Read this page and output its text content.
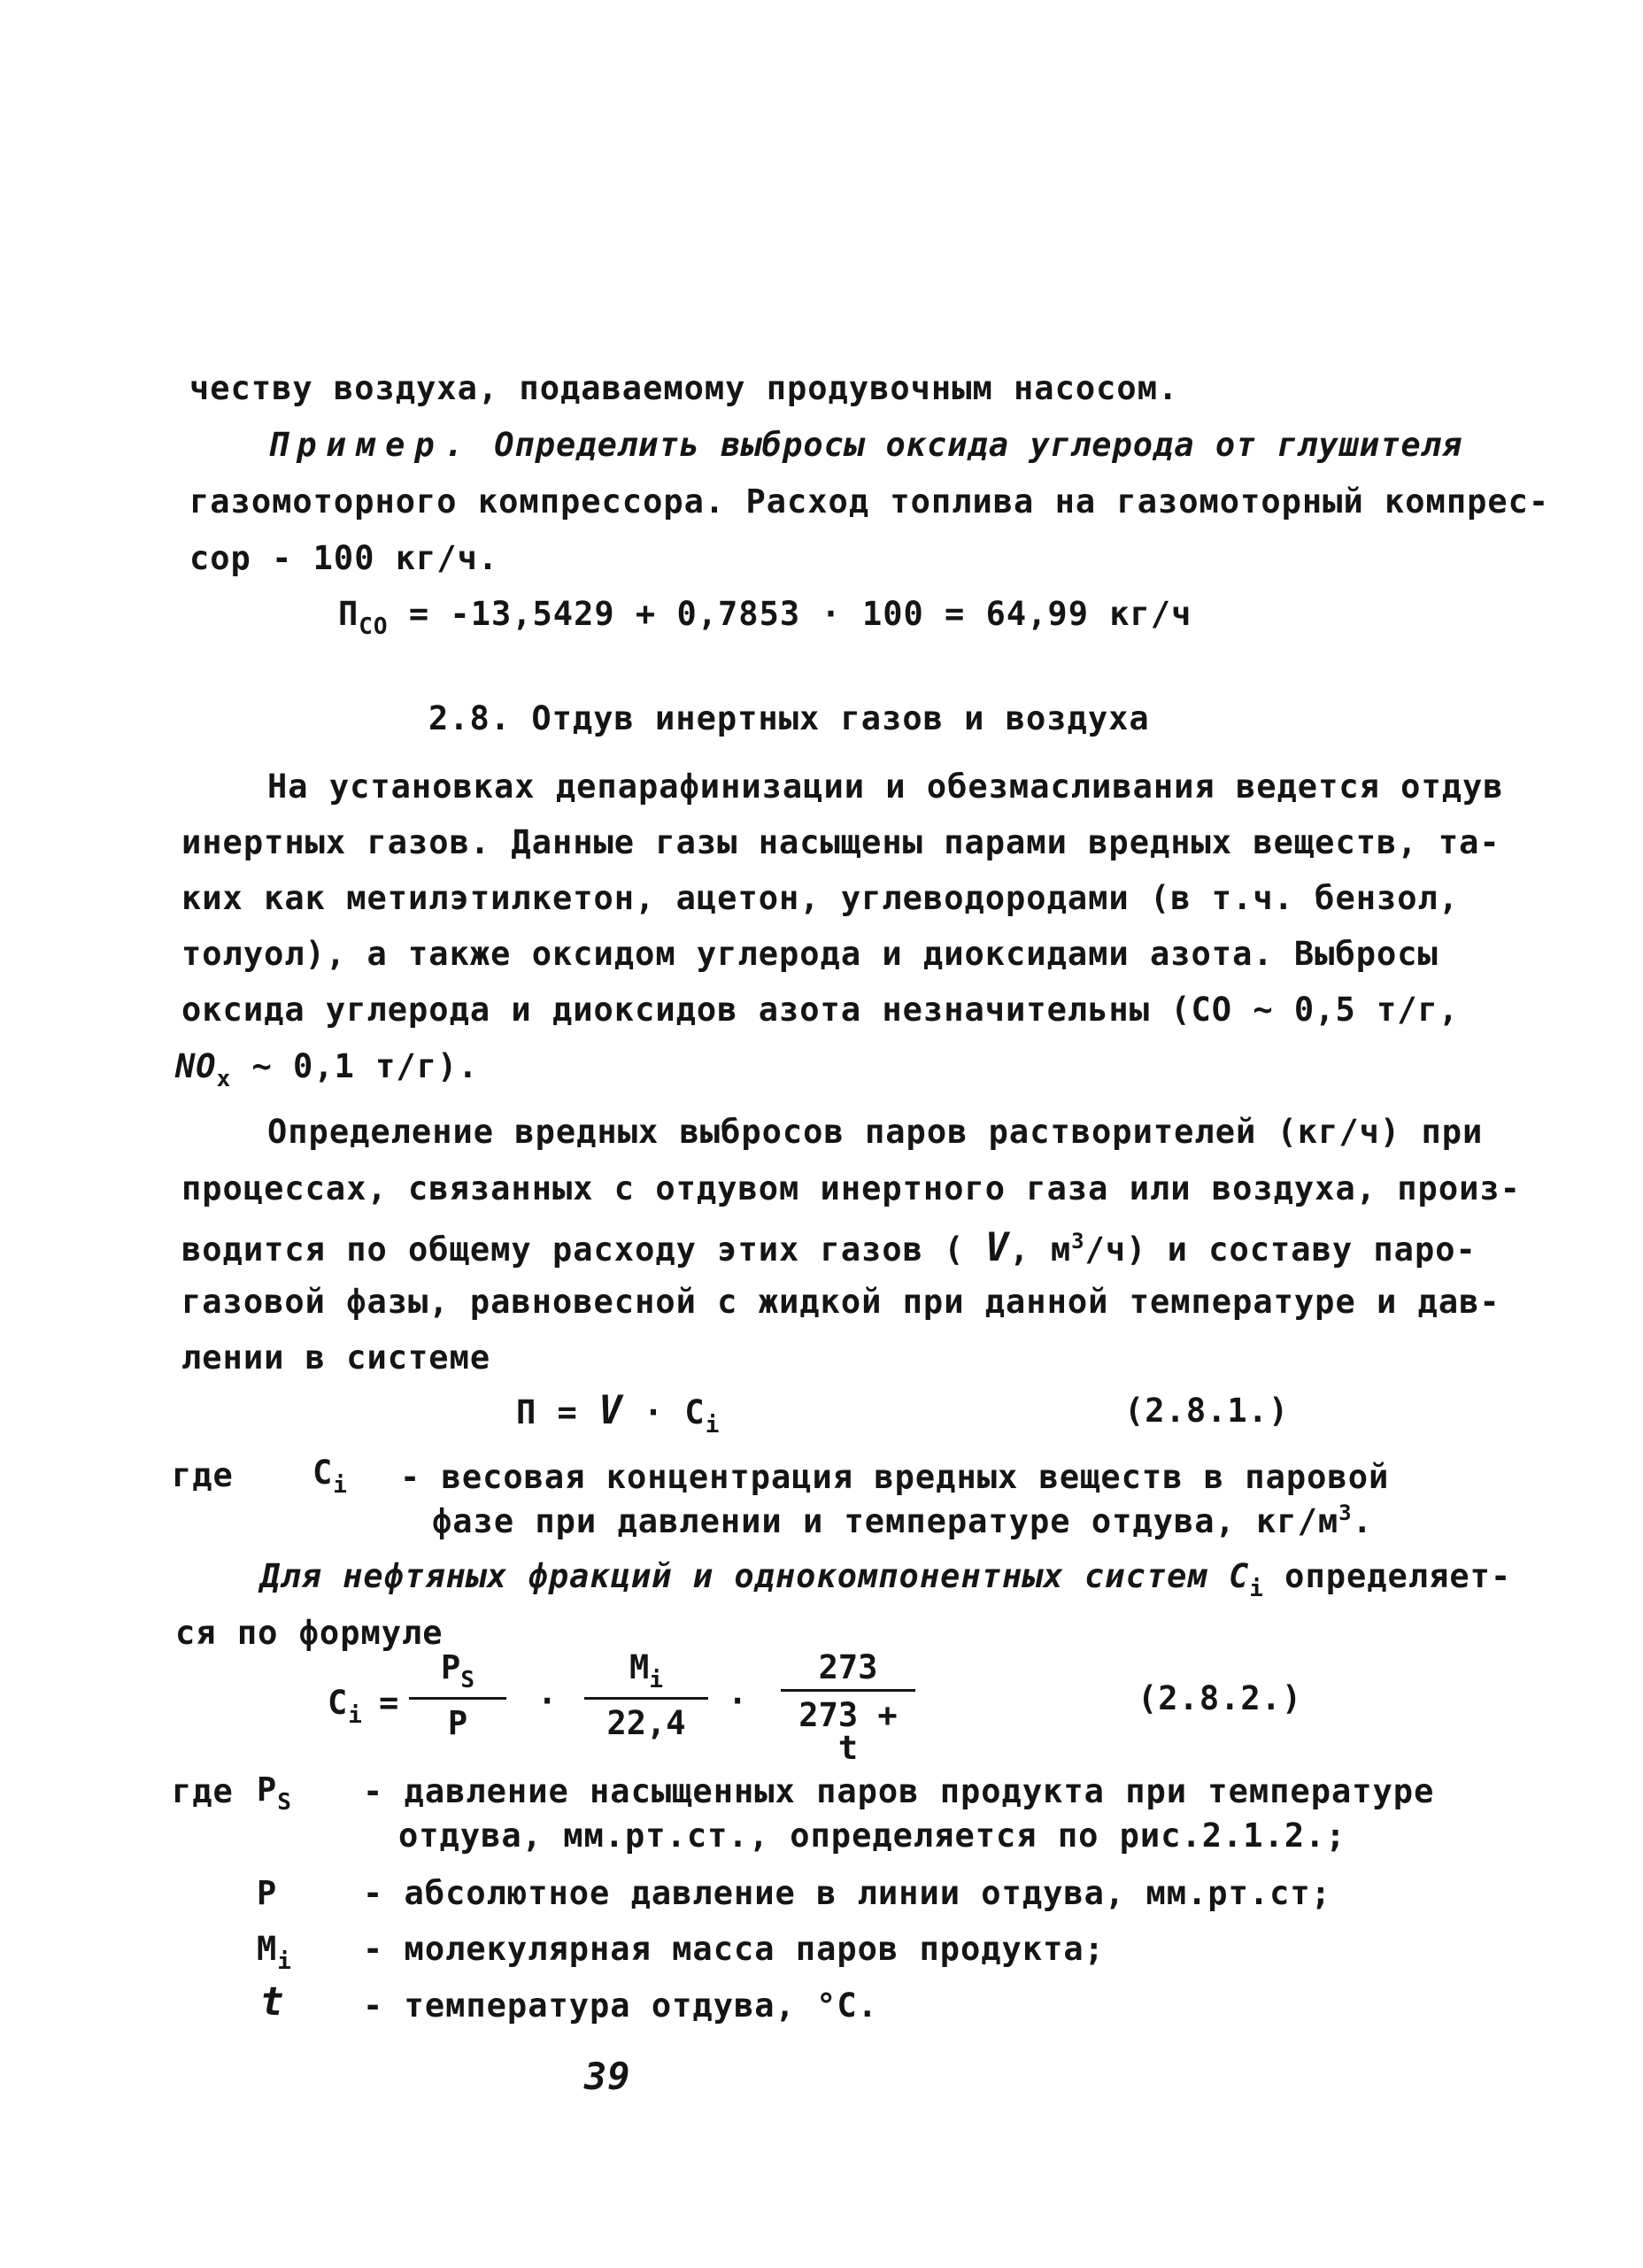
честву воздуха, подаваемому продувочным насосом.
Пример. Определить выбросы оксида углерода от глушителя
газомоторного компрессора. Расход топлива на газомоторный компрес-
сор - 100 кг/ч.
$П_{СО} = -13,5429 + 0,7853 \cdot 100 = 64,99$ кг/ч
2.8. Отдув инертных газов и воздуха
На установках депарафинизации и обезмасливания ведется отдув
инертных газов. Данные газы насыщены парами вредных веществ, та-
ких как метилэтилкетон, ацетон, углеводородами (в т.ч. бензол,
толуол), а также оксидом углерода и диоксидами азота. Выбросы
оксида углерода и диоксидов азота незначительны (СО ~ 0,5 т/г,
$NO_x$ ~ 0,1 т/г).
Определение вредных выбросов паров растворителей (кг/ч) при
процессах, связанных с отдувом инертного газа или воздуха, произ-
водится по общему расходу этих газов ( V, $м^3/ч$) и составу паро-
газовой фазы, равновесной с жидкой при данной температуре и дав-
лении в системе
$П = V \cdot C_i$	(2.8.1.)
где $C_i$ - весовая концентрация вредных веществ в паровой
фазе при давлении и температуре отдува, $кг/м^3$.
Для нефтяных фракций и однокомпонентных систем $C_i$ определяет-
ся по формуле
$C_i$ =
$P_S$
P
·
$M_i$
22,4
·
273
273 + t
(2.8.2.)
где $P_S$ - давление насыщенных паров продукта при температуре
отдува, мм.рт.ст., определяется по рис.2.1.2.;
P	- абсолютное давление в линии отдува, мм.рт.ст;
$M_i$ - молекулярная масса паров продукта;
t - температура отдува, °С.
39
